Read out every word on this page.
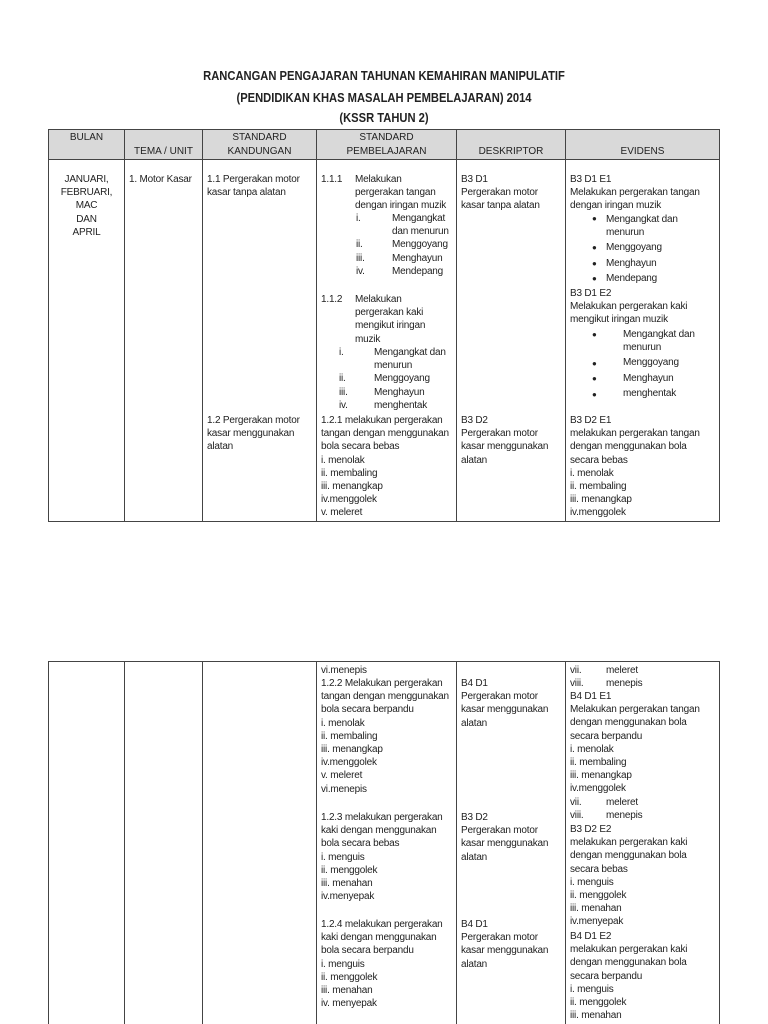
RANCANGAN PENGAJARAN TAHUNAN KEMAHIRAN MANIPULATIF
(PENDIDIKAN KHAS MASALAH PEMBELAJARAN) 2014
(KSSR TAHUN 2)
BULAN
TEMA / UNIT
STANDARD
KANDUNGAN
STANDARD
PEMBELAJARAN	DESKRIPTOR	EVIDENS
JANUARI,
FEBRUARI,
MAC
DAN
APRIL
1. Motor Kasar 1.1 Pergerakan motor
kasar tanpa alatan
1.2 Pergerakan motor
kasar menggunakan
alatan
1.1.1 Melakukan
pergerakan tangan
dengan iringan muzik
i.
ii.
iii.
iv.
Mengangkat
dan menurun
Menggoyang
Menghayun
Mendepang
1.1.2 Melakukan
pergerakan kaki
mengikut iringan
muzik
i.
ii.
iii.
iv.
Mengangkat dan
menurun
Menggoyang
Menghayun
menghentak
1.2.1 melakukan pergerakan
tangan dengan menggunakan
bola secara bebas
i. menolak
ii. membaling
iii. menangkap
iv.menggolek
v. meleret
B3 D1
Pergerakan motor
kasar tanpa alatan
B3 D2
Pergerakan motor
kasar menggunakan
alatan
B3 D1 E1
Melakukan pergerakan tangan
dengan iringan muzik
●
●
●
●
Mengangkat dan
menurun
Menggoyang
Menghayun
Mendepang
B3 D1 E2
Melakukan pergerakan kaki
mengikut iringan muzik
●
●
●
●
Mengangkat dan
menurun
Menggoyang
Menghayun
menghentak
B3 D2 E1
melakukan pergerakan tangan
dengan menggunakan bola
secara bebas
i. menolak
ii. membaling
iii. menangkap
iv.menggolek
vi.menepis
1.2.2 Melakukan pergerakan
tangan dengan menggunakan
bola secara berpandu
i. menolak
ii. membaling
iii. menangkap
iv.menggolek
v. meleret
vi.menepis
1.2.3 melakukan pergerakan
kaki dengan menggunakan
bola secara bebas
i. menguis
ii. menggolek
iii. menahan
iv.menyepak
1.2.4 melakukan pergerakan
kaki dengan menggunakan
bola secara berpandu
i. menguis
ii. menggolek
iii. menahan
iv. menyepak
B4 D1
Pergerakan motor
kasar menggunakan
alatan
B3 D2
Pergerakan motor
kasar menggunakan
alatan
B4 D1
Pergerakan motor
kasar menggunakan
alatan
vii.
viii.
meleret
menepis
B4 D1 E1
Melakukan pergerakan tangan
dengan menggunakan bola
secara berpandu
i. menolak
ii. membaling
iii. menangkap
iv.menggolek
vii.
viii.
meleret
menepis
B3 D2 E2
melakukan pergerakan kaki
dengan menggunakan bola
secara bebas
i. menguis
ii. menggolek
iii. menahan
iv.menyepak
B4 D1 E2
melakukan pergerakan kaki
dengan menggunakan bola
secara berpandu
i. menguis
ii. menggolek
iii. menahan
